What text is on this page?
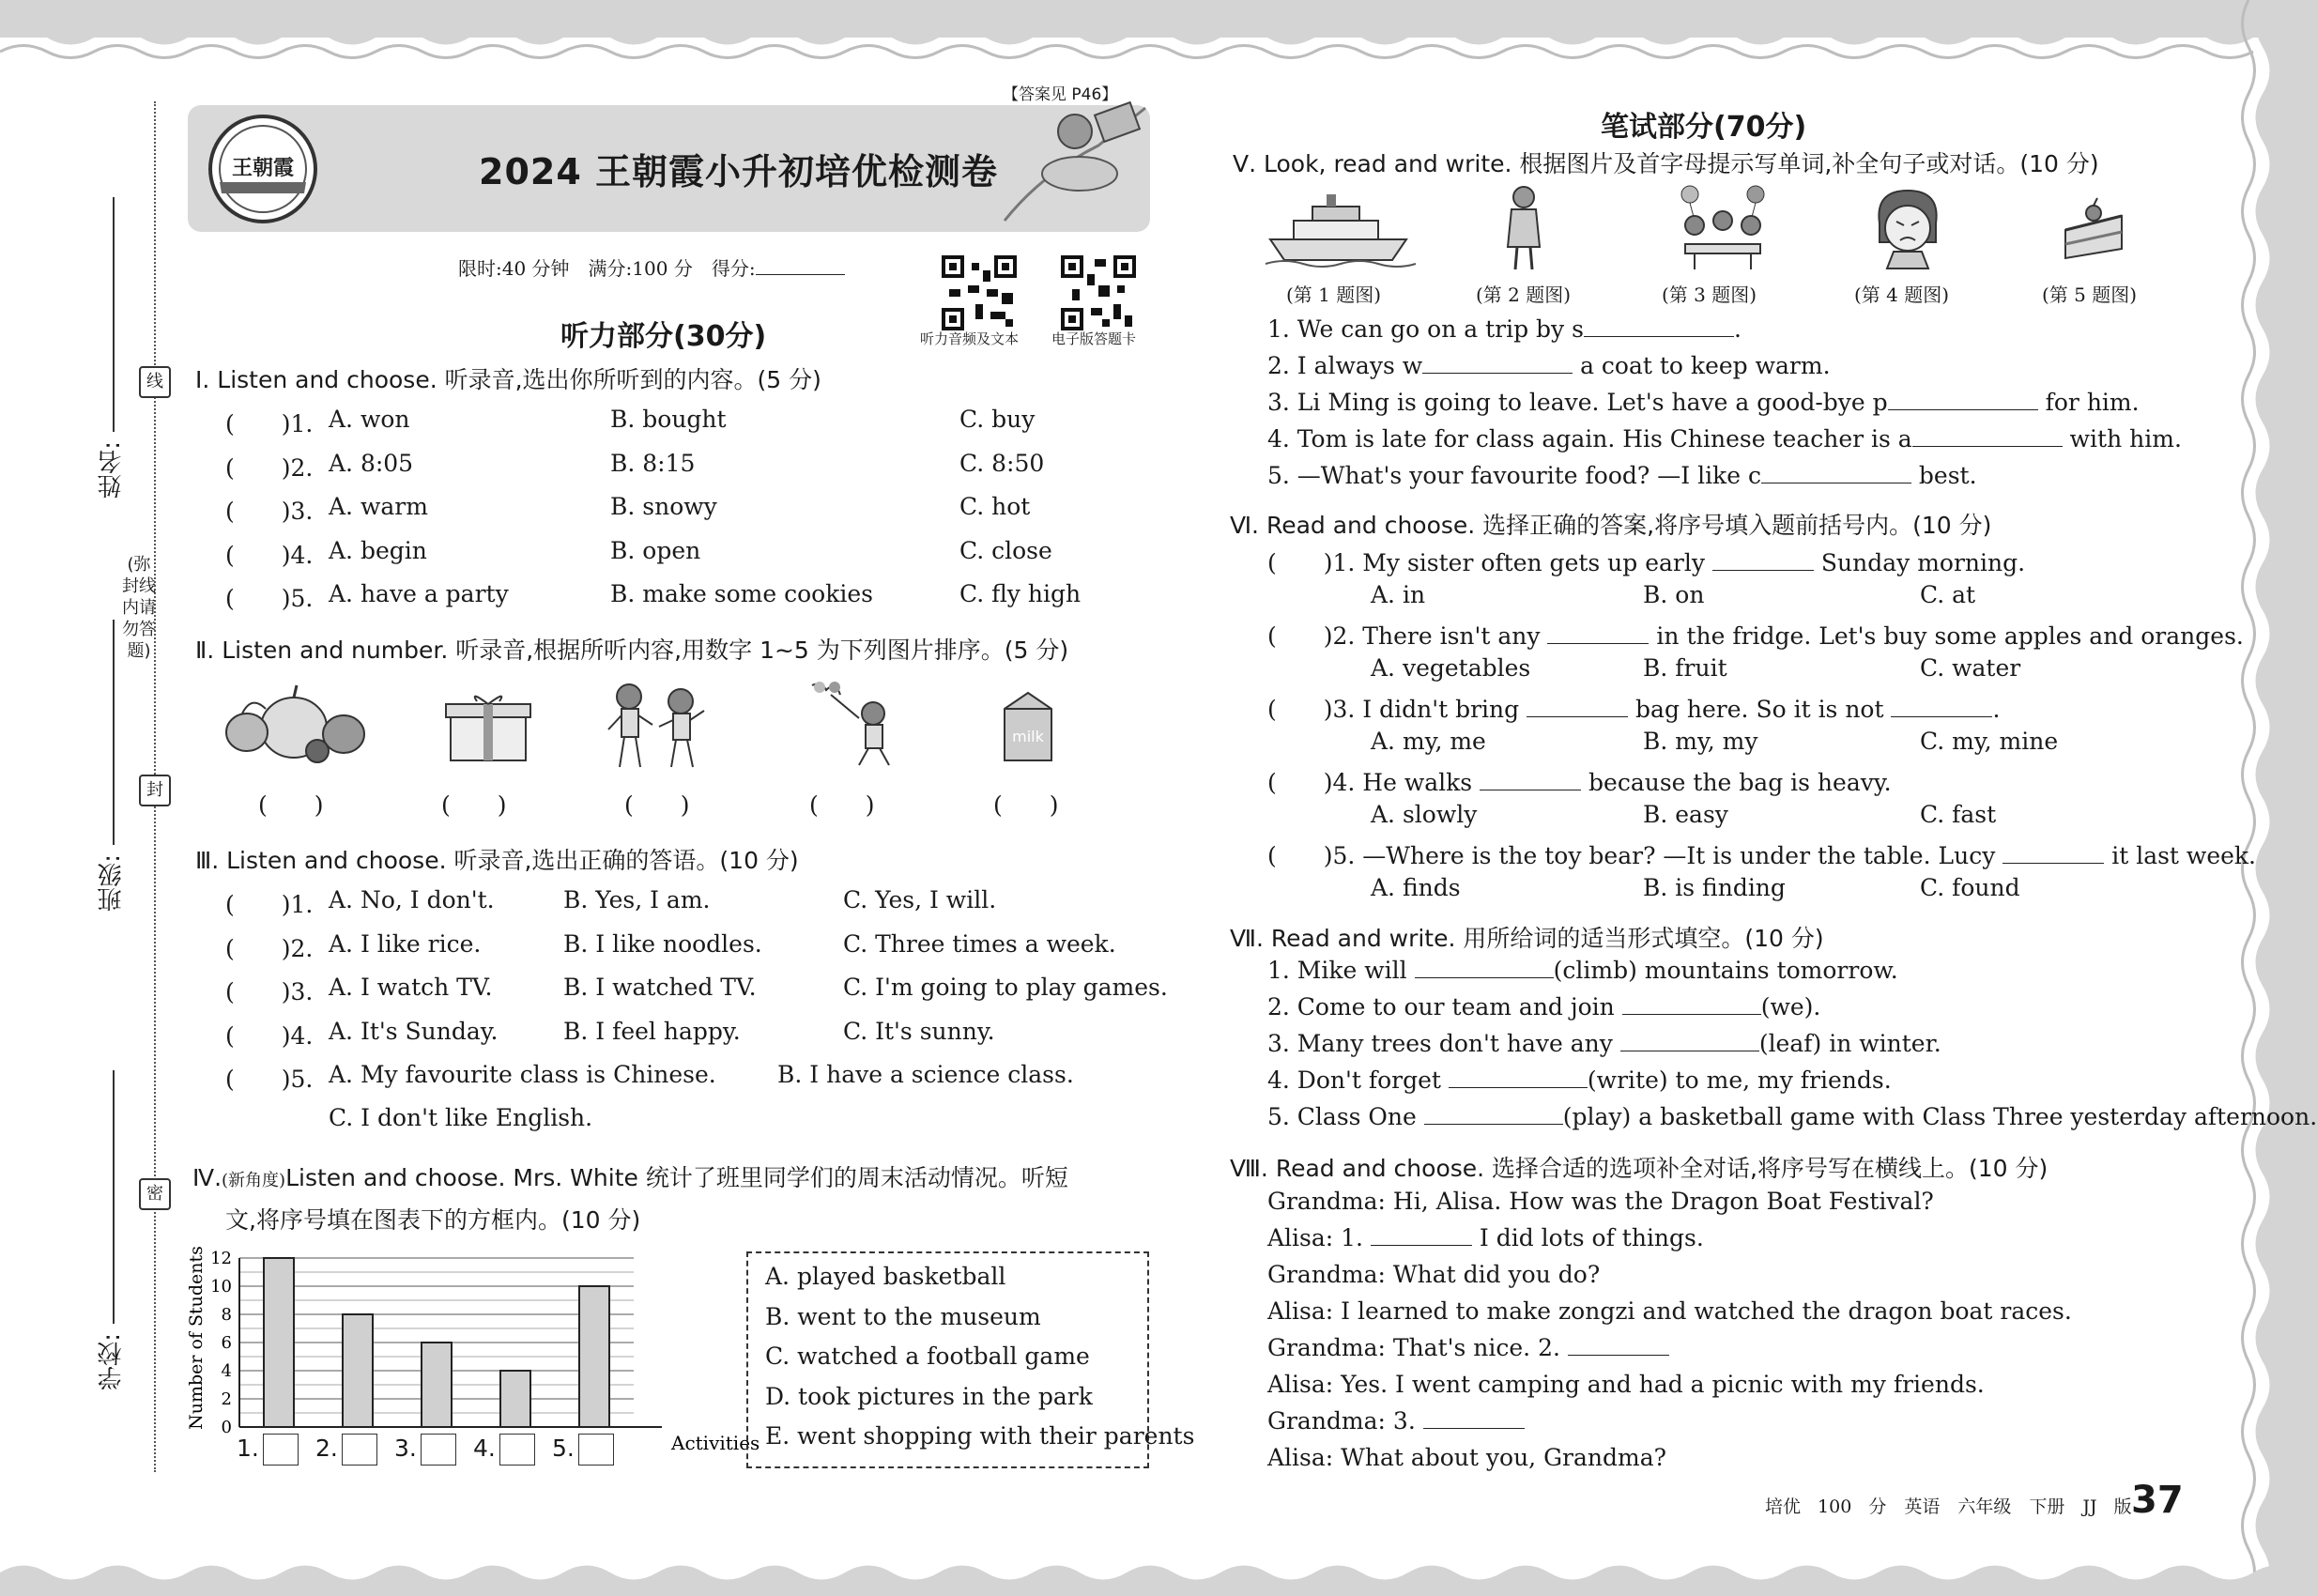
姓名:
班级:
学校:
线
封
密
(弥封线内请勿答题)
【答案见 P46】
王朝霞	2024 王朝霞小升初培优检测卷
限时:40 分钟　满分:100 分　得分:
听力音频及文本 电子版答题卡
听力部分(30分)
Ⅰ. Listen and choose. 听录音,选出你所听到的内容。(5 分)
(　　)1. A. won	B. bought	C. buy
(　　)2. A. 8:05	B. 8:15	C. 8:50
(　　)3. A. warm	B. snowy	C. hot
(　　)4. A. begin	B. open	C. close
(　　)5. A. have a party	B. make some cookies	C. fly high
Ⅱ. Listen and number. 听录音,根据所听内容,用数字 1~5 为下列图片排序。(5 分)
milk
(　　)	(　　)	(　　)	(　　)	(　　)
Ⅲ. Listen and choose. 听录音,选出正确的答语。(10 分)
(　　)1. A. No, I don't.	B. Yes, I am.	C. Yes, I will.
(　　)2. A. I like rice.	B. I like noodles.	C. Three times a week.
(　　)3. A. I watch TV.	B. I watched TV.	C. I'm going to play games.
(　　)4. A. It's Sunday.	B. I feel happy.	C. It's sunny.
(　　)5. A. My favourite class is Chinese.	B. I have a science class.
C. I don't like English.
Ⅳ.(新角度)Listen and choose. Mrs. White 统计了班里同学们的周末活动情况。听短
文,将序号填在图表下的方框内。(10 分)
0
2
4
6
8
10
12
Number of Students
Activities
1.	2.	3.	4.	5.
A. played basketball
B. went to the museum
C. watched a football game
D. took pictures in the park
E. went shopping with their parents
笔试部分(70分)
Ⅴ. Look, read and write. 根据图片及首字母提示写单词,补全句子或对话。(10 分)
(第 1 题图)	(第 2 题图)	(第 3 题图)	(第 4 题图)	(第 5 题图)
1. We can go on a trip by s	.
2. I always w	a coat to keep warm.
3. Li Ming is going to leave. Let's have a good-bye p	for him.
4. Tom is late for class again. His Chinese teacher is a	with him.
5. —What's your favourite food? —I like c	best.
Ⅵ. Read and choose. 选择正确的答案,将序号填入题前括号内。(10 分)
(　　)1. My sister often gets up early	Sunday morning.
A. in	B. on	C. at
(　　)2. There isn't any	in the fridge. Let's buy some apples and oranges.
A. vegetables	B. fruit	C. water
(　　)3. I didn't bring	bag here. So it is not	.
A. my, me	B. my, my	C. my, mine
(　　)4. He walks	because the bag is heavy.
A. slowly	B. easy	C. fast
(　　)5. —Where is the toy bear? —It is under the table. Lucy	it last week.
A. finds	B. is finding	C. found
Ⅶ. Read and write. 用所给词的适当形式填空。(10 分)
1. Mike will	(climb) mountains tomorrow.
2. Come to our team and join	(we).
3. Many trees don't have any	(leaf) in winter.
4. Don't forget	(write) to me, my friends.
5. Class One	(play) a basketball game with Class Three yesterday afternoon.
Ⅷ. Read and choose. 选择合适的选项补全对话,将序号写在横线上。(10 分)
Grandma: Hi, Alisa. How was the Dragon Boat Festival?
Alisa: 1.	I did lots of things.
Grandma: What did you do?
Alisa: I learned to make zongzi and watched the dragon boat races.
Grandma: That's nice. 2.
Alisa: Yes. I went camping and had a picnic with my friends.
Grandma: 3.
Alisa: What about you, Grandma?
培优 100 分　英语　六年级　下册　JJ 版 37
